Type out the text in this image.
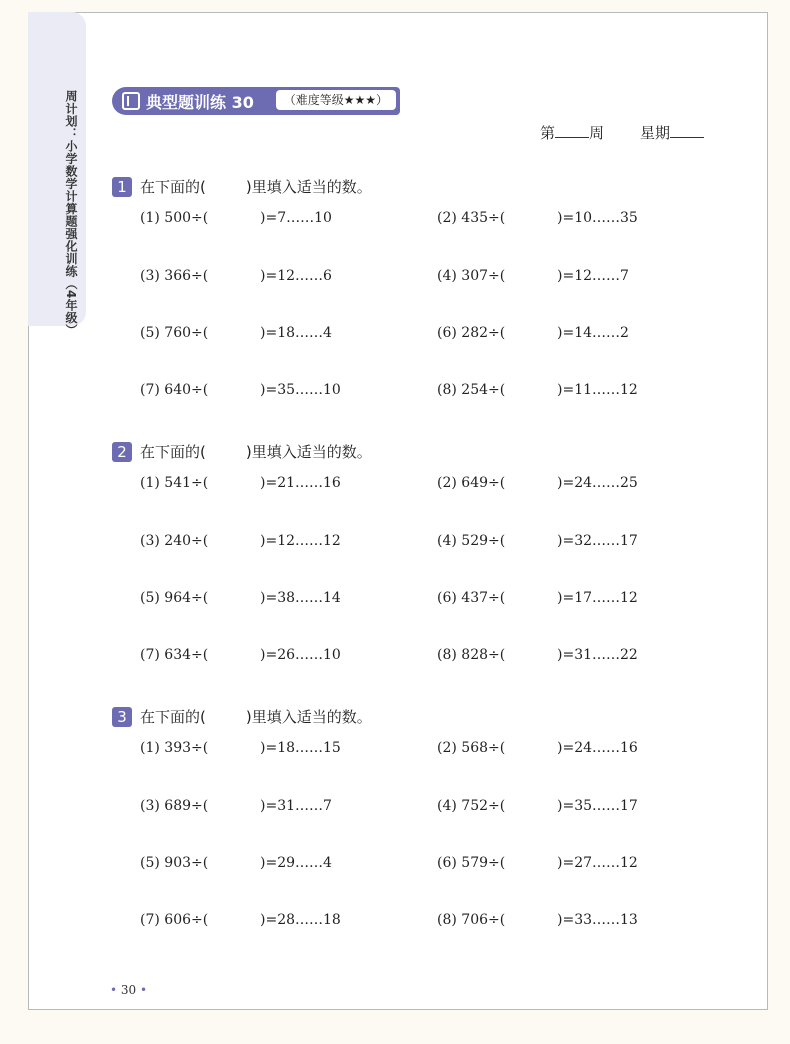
周计划：小学数学计算题强化训练（4年级）	典型题训练 30	（难度等级★★★）
第 周 星期
1 在下面的(	)里填入适当的数。
(1) 500÷(	)=7……10	(2) 435÷(	)=10……35
(3) 366÷(	)=12……6	(4) 307÷(	)=12……7
(5) 760÷(	)=18……4	(6) 282÷(	)=14……2
(7) 640÷(	)=35……10	(8) 254÷(	)=11……12
2 在下面的(	)里填入适当的数。
(1) 541÷(	)=21……16	(2) 649÷(	)=24……25
(3) 240÷(	)=12……12	(4) 529÷(	)=32……17
(5) 964÷(	)=38……14	(6) 437÷(	)=17……12
(7) 634÷(	)=26……10	(8) 828÷(	)=31……22
3 在下面的(	)里填入适当的数。
(1) 393÷(	)=18……15	(2) 568÷(	)=24……16
(3) 689÷(	)=31……7	(4) 752÷(	)=35……17
(5) 903÷(	)=29……4	(6) 579÷(	)=27……12
(7) 606÷(	)=28……18	(8) 706÷(	)=33……13
• 30 •
